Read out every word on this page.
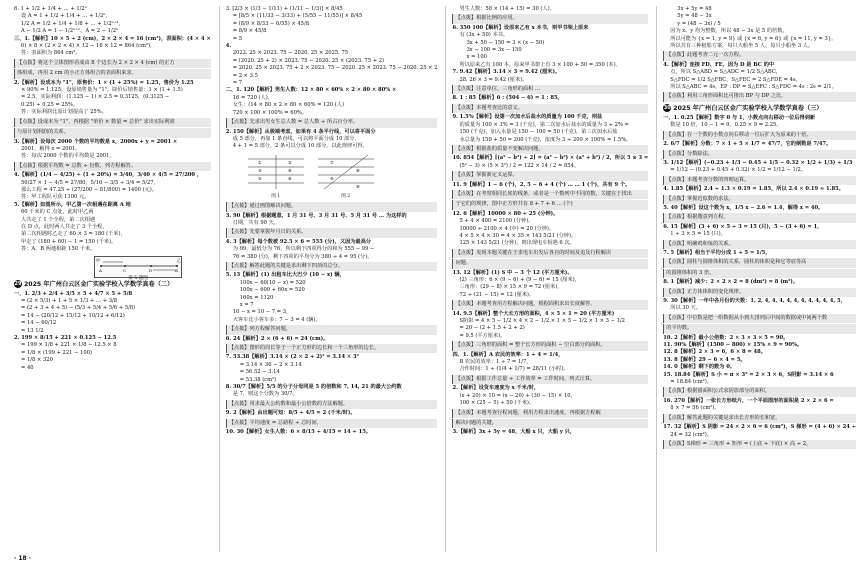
6. 1 + 1/2 + 1/4 + … + 1/2ⁿ
设 A = 1 + 1/2 + 1/4 + … + 1/2ⁿ，
1/2 A = 1/2 + 1/4 + 1/8 + … + 1/2ⁿ⁺¹，
A − 1/2 A = 1 − 1/2ⁿ⁺¹，A = 2 − 1/2ⁿ
三、1.【解析】10 × 5 ÷ 2 (cm)，2 × 2 × 4 = 16 (cm²)，表面积：(4 × 4 ×
6) × 8 × (2 × 2 × 4) × 12 − 16 × 12 = 864 (cm²)，
答：表面积为 864 cm²。
【点拨】将这个立体图形看成由 8 个边长为 2 × 2 × 4 (cm) 的正方
体组成，再用 2 cm 的小正方体组合的表面积来求。
2.【解析】设成本为 "1"，原售价：1 × (1 + 25%) = 1.25，售价为 1.25
× 90% = 1.125，设原销售量为 "1"，降价后销售量：1 × (1 + 1.5)
= 2.5，实际利润：(1.125 − 1) × 2.5 = 0.3125，(0.3125 −
0.25) ÷ 0.25 = 25%。
答：实际利润比原计划提高了 25%。
【点拨】设成本为 "1"，再根据 "单价 × 数量 = 总价" 求出实际利润
与原计划利润的关系。
3.【解析】设每次 2000 个数的平均数是 x，2000x + y = 2001 ×
2001，解得 x = 2001。
答：每次 2000 个数的平均数是 2001。
【点拨】根据平均数 = 总数 ÷ 份数，列方程解答。
4.【解析】(1/4 − 4/25) ÷ (1 + 20%) = 3/40，3/40 × 4/5 = 27/200 ，
50/27 × 1 − 4/5 = 27/80，5/16 − 3/5 ÷ 3/4 = 5/27，
那么工程 = 47.25 ÷ (27/200 − 81/800) = 1400 (元)。
答：甲工程队可获 1100 元。
5.【解析】如图所示，甲乙第一次相遇在距离 A 地
60 千米的 C 点处，此时甲乙两
人共走了 1 个全程，第二次相遇
在 D 点，此时两人共走了 3 个全程，
第二次相遇时乙走了 60 × 3 = 180 (千米)，
甲走了 (180 + 60) − 1 = 150 (千米)。
答：A、B 两地相距 150 千米。
甲
A	C	D	B
乙
第 5 题图
29 2025 年广州白云区金广实验学校入学数学真卷（二）
一、1. 2/3 + 2/4 + 3/5 × 5 + 4/7 × 5 + 5/8
= (2 × 5/3) + 1 + 5 × 1/3 + … + 3/8
= (2 + 3 + 4 + 5) − (5/3 + 5/4 + 5/6 + 5/8)
= 14 − (20/12 + 15/12 + 10/12 + 6/12)
= 14 − 60/12
= 13 1/2
2. 199 × 8/15 + 221 × 0.125 − 12.5
= 199 × 1/8 + 221 × 1/8 − 12.5 × 8
= 1/8 × (199 + 221 − 100)
= 1/8 × 320
= 40
3. [2/3 × (1/3 − 1/11) + (1/11 − 1/3)] × 8/45
= [8/5 × (11/33 − 3/33) + (5/55 − 11/55)] × 8/45
= (8/9 × 8/33 − 6/55) × 45/8
= 8/9 × 45/8
= 5
4.
2022. 25 × 2023. 75 − 2020. 25 × 2025. 75
= (2020. 25 + 2) × 2023. 75 − 2020. 25 × (2023. 75 + 2)
= 2020. 25 × 2023. 75 + 2 × 2023. 75 − 2020. 25 × 2023. 75 − 2020. 25 × 2
= 2 × 3.5
= 7
二、1. 120【解析】男生人数：12 × 80 × 60% × 2 × 80 × 80% ×
16 = 720 (人)，
女生：(14 × 80 × 2 × 80 × 60% = 120 (人)
720 × 100 × 100% = 60%。
【点拨】先求出男女生总人数 = 总人数 ÷ 所占百分率。
2. 150【解析】从极端考虑，如果有 4 条平行线，可以将平面分
成 5 部分，再加 1 条直线，可以将平面分成 10 部分，
4 + 1 = 5 部分，2 条可以分成 10 部分，以此规律可得。
①	②
③	④
⑤	⑥
图 1
⑦
⑧
⑨
⑩
图 2
【点拨】通过画图解决问题。
3. 90【解析】根据题意，1 月 31 号、3 月 31 号、5 月 31 号 … 为这样的
日期，共有 90 天。
【点拨】先要掌握年月日的关系。
4. 3【解析】每个数被 92.5 × 6 = 555 (分)，又因为最高分
为 99，最低分为 76，所以剩下四项得分的和为 555 − 99 −
76 = 380 (分)，剩下四项的平均分为 380 ÷ 4 = 95 (分)。
【点拨】解答此题的关键是求出剩下四项的总分。
5. 13【解析】(1) 出租车比大巴少 (10 − x) 辆，
100x − 60(10 − x) = 520
100x − 600 + 60x = 520
160x = 1120
x = 7
10 − x = 10 − 7 = 3，
大客车比小客车多：7 − 3 = 4 (辆)。
【点拨】列方程解答问题。
6. 24【解析】2 × (6 + 6) = 24 (cm)。
【点拨】图形的周长等于一个正方形的边长和一个三角形的边长。
7. 53.38【解析】3.14 × (2 × 2 + 2)² = 3.14 × 3²
= 3.14 × 36 − 2 × 3.14
= 56.52 − 3.14
= 53.38 (cm²)
8. 30/7【解析】5/5 的分子分母同是 5 的倍数和 7, 14, 21 的最大公约数
是 7，则这个分数为 30/7。
【点拨】用求最大公约数和最小公倍数的方法解题。
9. 2【解析】由出题可知：8/5 ÷ 4/5 = 2 (千米/时)。
【点拨】平均速度 = 总路程 ÷ 总时间。
10. 30【解析】女生人数：6 × 8/15 ÷ 4/15 = 14 ÷ 15。
男生人数：58 × (14 + 15) = 30 (人)。
【点拨】根据比例的应用。
6. 350 100【解析】设原来乙有 x 本书，则甲书架上原来
有 (3x + 50) 本书。
3x + 50 − 150 = 3 × (x − 50)
3x − 100 = 3x − 150
x = 100
所以原来乙有 100 本，原来甲书架上有 3 × 100 + 50 = 350 (本)。
7. 9.42【解析】3.14 × 3 = 9.42 (厘米)。
28. 26 × 3 = 9.42 (厘米)。
【点拨】注意单位，三角形的面积 …
8. 1 : 85【解析】6 : (504 − 6) = 1 : 85。
【点拨】本题考查比的意义。
9. 1.5%【解析】设第一次加水后盐水的质量为 100 千克，则盐
的质量为 100 × 3% = 3 (千克)，第二次加水后盐水的质量为 3 ÷ 2% =
150 (千克)，加入水量是 150 − 100 = 50 (千克)，第三次加水后盐
水总量为 150 + 50 = 200 (千克)，浓度为 3 ÷ 200 × 100% = 1.5%。
【点拨】根据盐的质量不变解决问题。
10. 854【解析】[(a² − b²) ÷ 2] = (a² − b²) × (a² + b²) / 2，所以 5 ⊙ 3 =
(5² − 3) × (5 × 3²) / 2 = 122 × 14 / 2 = 854。
【点拨】掌握新定义运算。
11. 9【解析】1 − 6 (个)，2, 5 − 6 + 4 (个) … … 1 (个)，共有 9 个。
【点拨】在考察相同长度的线条，或者是一个数列中不同的数，关键在于找出
于它们的规律，图中正方形共有 8 + 7 + 6 … (个)
12. 6【解析】10000 × 80 ÷ 25 (分钟)。
5 + 4 × 400 = 2100 (分钟)。
10000 ÷ 2100 × 4 (中) = 20 (分钟)。
4 × 5 × 4 × 30 = 4 × 35 × 143 5/21 (分钟)。
125 × 143 5/21 (分钟)，则出现电车相遇 6 次。
【点拨】发现本题关键在于求电车出发后各自的时间及追及行程解决
问题。
13. 12【解析】(1) S 中 − 3 个 12 (平方厘米)。
(2) 三角形：6 × (9 − 6) + (9 − 6) = 15 (厘米)，
三角形：(29 − 8) × 15 × 9 = 72 (厘米)，
72 ÷ (21 − 15) = 12 (厘米)。
【点拨】本题考查用方程解决问题，根据面积求出长度解答。
14. 9.5【解析】整个大长方形的面积，4 × 5 × 1 = 20 (平方厘米)
S阴影 = 4 × 5 − 1/2 × 4 × 2 − 1/2 × 1 × 5 − 1/2 × 1 × 3 − 1/2
= 20 − (2 + 1.5 + 2 + 2)
= 9.5 (平方厘米)。
【点拨】三角形的面积 = 整个长方形的面积 − 空白部分的面积。
四、1.【解析】A 农民的效率：1 ÷ 4 = 1/4，
B 农民的效率：1 ÷ 7 = 1/7，
合作时间：1 ÷ (1/4 + 1/7) = 28/11 (小时)。
【点拨】根据工作总量 ÷ 工作效率 = 工作时间，列式计算。
2.【解析】设货车速度为 x 千米/时，
(x + 20) × 10 = (x − 20) + (30 − 15) × 10，
100 × (25 − 5) ÷ 50 (千米)。
【点拨】本题考查行程问题，利用方程求出速度，再根据方程解
解决问题的关键。
3.【解析】3x + 5y = 48，大船 x 只，大船 y 只，
3x + 5y = 48
5y = 48 − 3x
y = (48 − 3x) / 5
因为 x、y 均为整数，所以 48 − 3x 是 5 的倍数，
所以可能为 {x = 1, y = 9} 或 {x = 6, y = 6} 或 {x = 11, y = 3}。
所以共有三种租船方案，每只大船坐 5 人，每只小船坐 3 人。
【点拨】此题考查二元一次方程。
4.【解析】连接 FD、FE，因为 D 是 BC 的中
点，所以 S△ABD = S△ADC = 1/2 S△ABC，
S△FDC = 1/2 S△FBC，S△FEC = 2 S△FDE = 4s，
所以 S△ABC = 4s，EP : DP = S△EFC : S△FDC = 4s : 2s = 2/1。
【点拨】利用三角形面积比可推出 BP 与 DP 之比。
30 2025 年广州白云区金广实验学校入学数学真卷（三）
一、1. 0.25【解析】数字 0 与 1，小数点向右移动一位后得到新
数是 10 倍，10 − 1 = 9，0.25 × 9 = 2.25。
【点拨】在一个数的小数点向右移动一位后扩大为原来的十倍。
2. 6/7【解析】分数：7 × 1 + 5 × 1/7 = 47/7，它的倒数是 7/47。
【点拨】分数除法。
3. 1/12【解析】(−0.23 + 1/3 − 0.45 + 1/5 − 0.32 × 1/2 + 1/3) ÷ 1/3
= 1/12 − (0.23 + 0.45 + 0.32) × 1/2 = 1/12 − 1/2。
【点拨】本题考查分数的四则运算。
4. 1.85【解析】2.4 ÷ 1.3 × 0.19 = 1.85，所以 2.4 × 0.19 ≈ 1.85。
【点拨】掌握近似数的求法。
5. 40【解析】设这个数为 x，1/5 x − 2.6 = 1.4，解得 x = 40。
【点拨】根据题意列方程。
6. 15【解析】(3 + 6) × 5 ÷ 3 = 15 (只)，5 − (3 + 6) = 1，
1 ÷ 3 × 5 = 15 (只)。
【点拨】明确鸡和兔的关系。
7. 5【解析】相当于平均分成 1 ÷ 5 = 1/5，
【点拨】圆柱与圆锥体积的关系，圆柱的体积是和它等底等高
的圆锥体积的 3 倍。
8. 1【解析】减少：2 × 2 × 2 = 8 (dm³) = 8 (m³)。
【点拨】正方体体积的变化规律。
9. 30【解析】一年中各月份的天数：1, 2, 4, 4, 4, 4, 4, 4, 4, 4, 4, 4, 5，
所以 30 天。
【点拨】中位数是把一组数据从小到大排列后中间的数据或中间两个数
的平均数。
10. 2【解析】最小公倍数：2 × 3 × 3 × 5 = 90。
11. 90%【解析】(1500 − 800) × 15% × 9 = 90%。
12. 8【解析】2 × 3 = 6，6 × 8 = 48。
13. 8【解析】29 − 6 × 4 = 5。
14. 0【解析】剩下的数为 0。
15. 18.84【解析】S 小 = π × 3² = 2 × 3 × 6，S阴影 = 3.14 × 6
= 18.84 (cm²)。
【点拨】根据圆面积公式求阴影部分的面积。
16. 270【解析】一张长方形纸片，一个平面图形的面积是 2 × 2 × 6 =
8 × 7 = 56 (cm²)。
【点拨】解答此题的关键是求出长方形的长和宽。
17. 32【解析】S 阴影 = 24 × 2 × 6 = 6 (cm²)，S 梯形 = (4 + 6) × 24 ÷
24 = 32 (cm²)。
【点拨】S梯形 = 三角形 + 矩形 = (上底 + 下底) × 高 ÷ 2。
· 18 ·
